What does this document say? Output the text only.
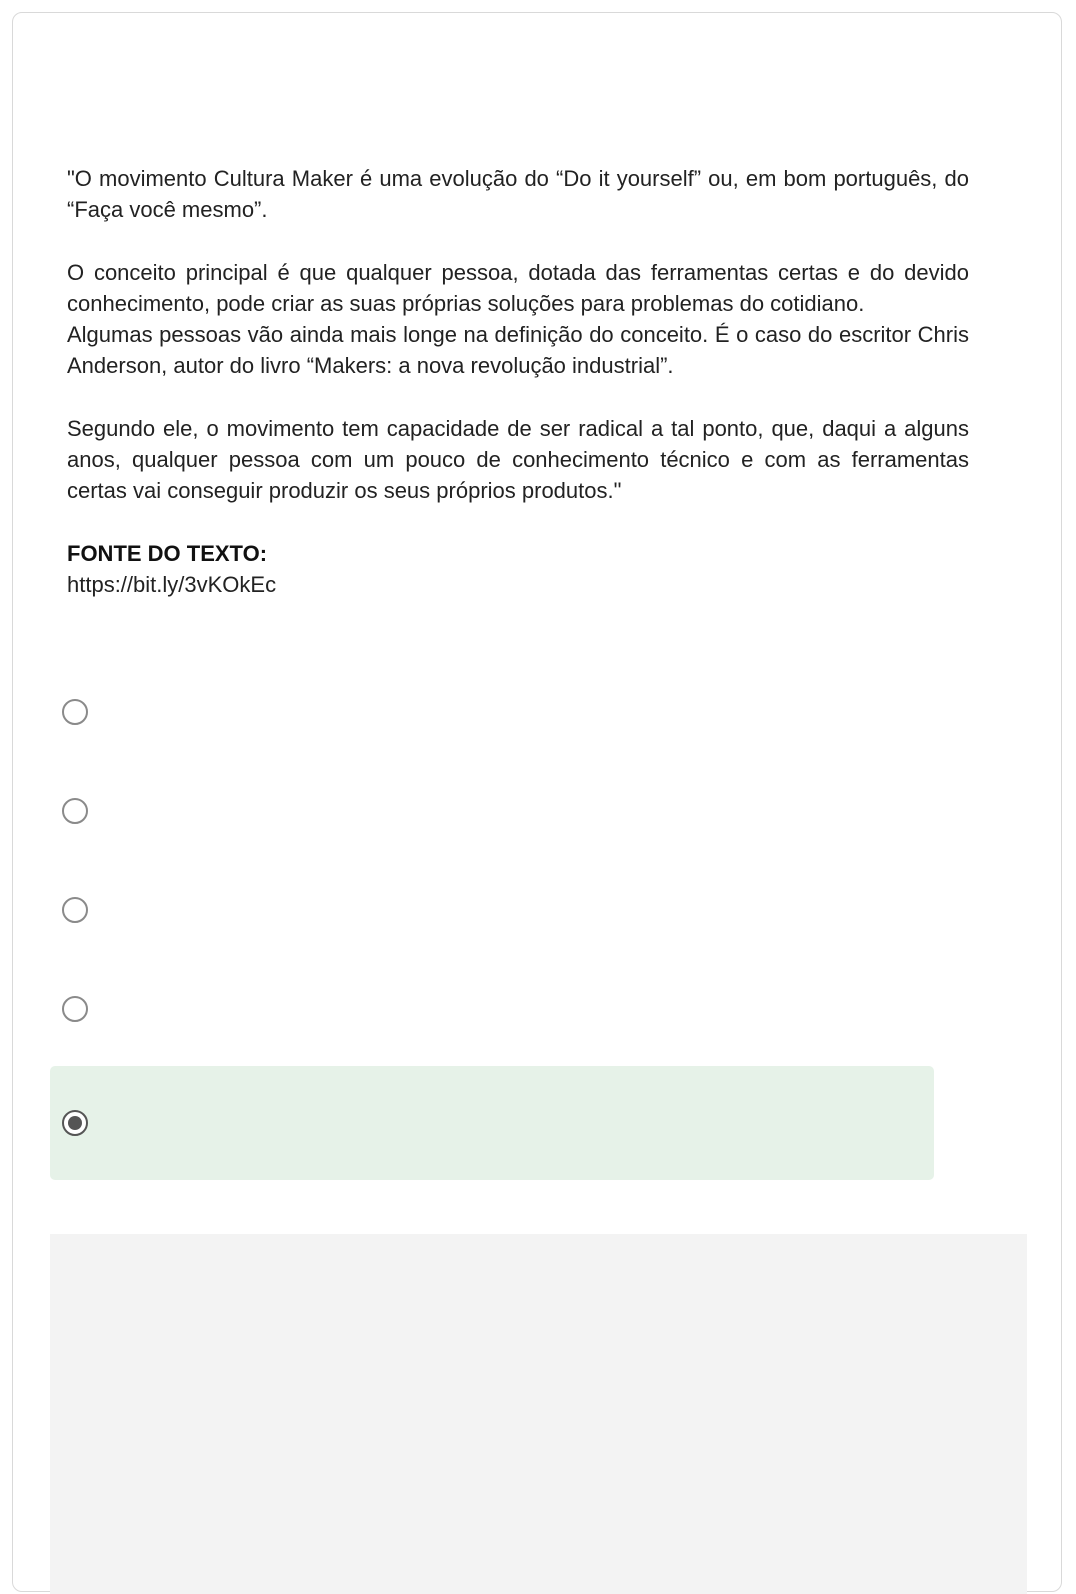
"O movimento Cultura Maker é uma evolução do “Do it yourself” ou, em bom português, do “Faça você mesmo”.

O conceito principal é que qualquer pessoa, dotada das ferramentas certas e do devido conhecimento, pode criar as suas próprias soluções para problemas do cotidiano.

Algumas pessoas vão ainda mais longe na definição do conceito. É o caso do escritor Chris Anderson, autor do livro “Makers: a nova revolução industrial”.

Segundo ele, o movimento tem capacidade de ser radical a tal ponto, que, daqui a alguns anos, qualquer pessoa com um pouco de conhecimento técnico e com as ferramentas certas vai conseguir produzir os seus próprios produtos."

FONTE DO TEXTO:

https://bit.ly/3vKOkEc
